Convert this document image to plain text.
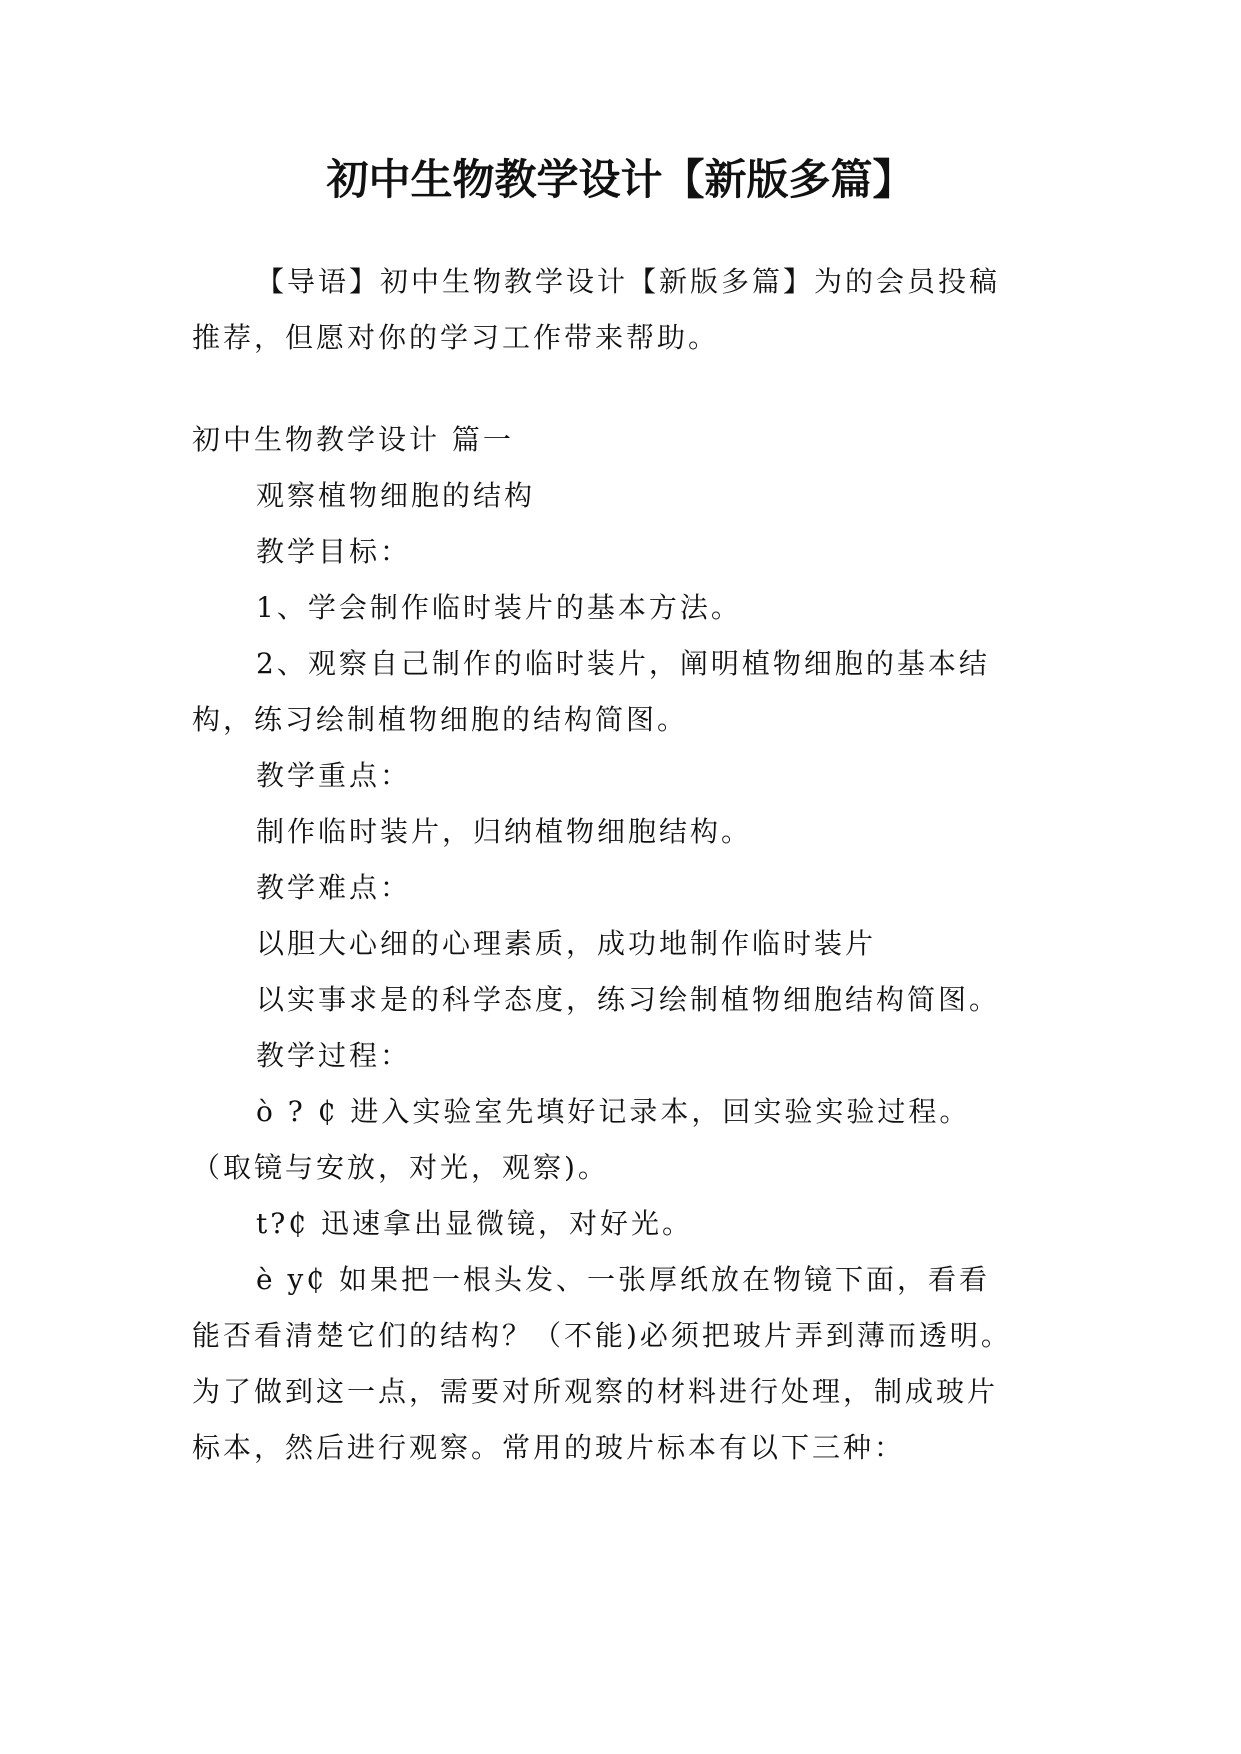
初中生物教学设计【新版多篇】
【导语】初中生物教学设计【新版多篇】为的会员投稿
推荐，但愿对你的学习工作带来帮助。
初中生物教学设计 篇一
观察植物细胞的结构
教学目标：
1、学会制作临时装片的基本方法。
2、观察自己制作的临时装片，阐明植物细胞的基本结
构，练习绘制植物细胞的结构简图。
教学重点：
制作临时装片，归纳植物细胞结构。
教学难点：
以胆大心细的心理素质，成功地制作临时装片
以实事求是的科学态度，练习绘制植物细胞结构简图。
教学过程：
ò ? ₵ 进入实验室先填好记录本，回实验实验过程。
（取镜与安放，对光，观察)。
t?₵ 迅速拿出显微镜，对好光。
è y₵ 如果把一根头发、一张厚纸放在物镜下面，看看
能否看清楚它们的结构？（不能)必须把玻片弄到薄而透明。
为了做到这一点，需要对所观察的材料进行处理，制成玻片
标本，然后进行观察。常用的玻片标本有以下三种：
